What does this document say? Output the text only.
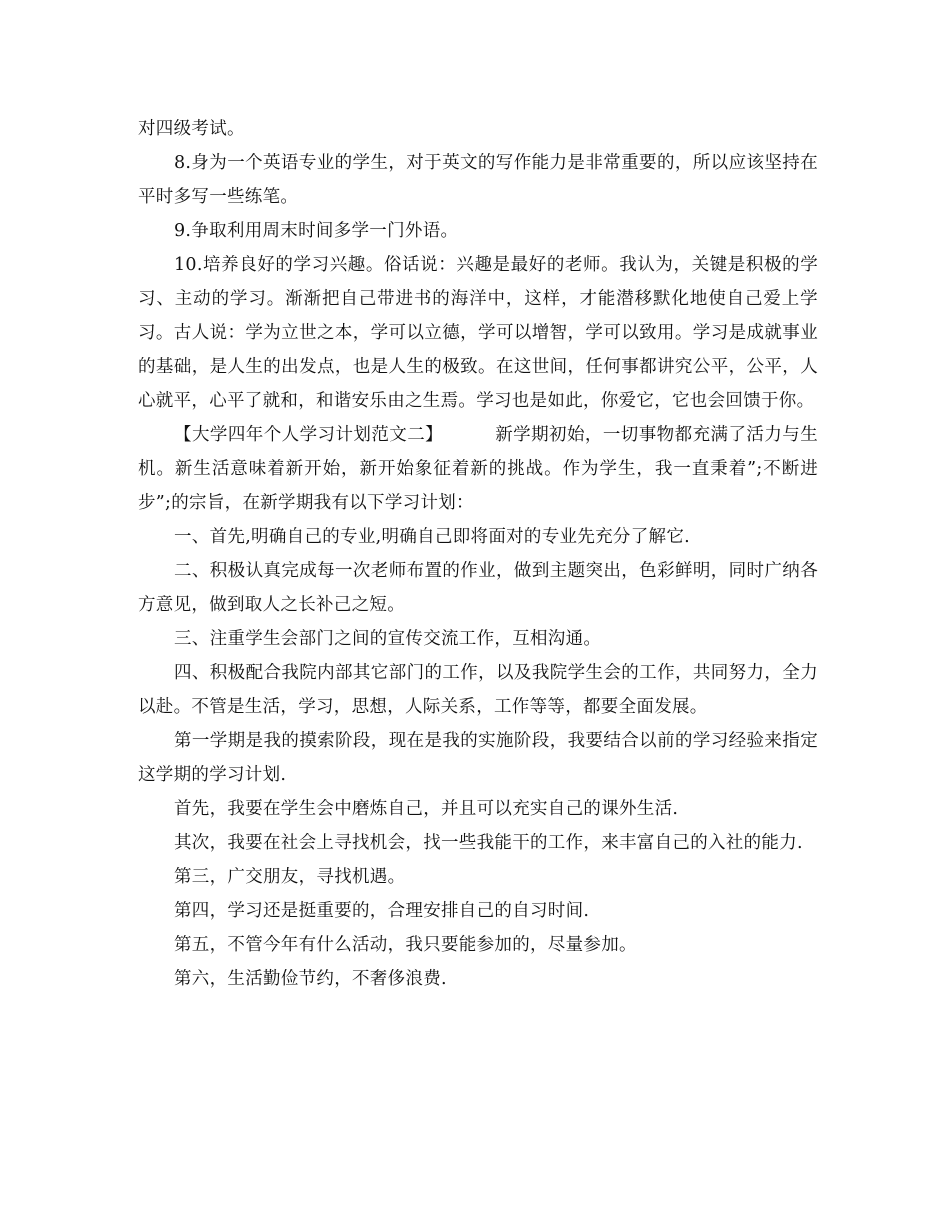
对四级考试。

8.身为一个英语专业的学生，对于英文的写作能力是非常重要的，所以应该坚持在平时多写一些练笔。

9.争取利用周末时间多学一门外语。

10.培养良好的学习兴趣。俗话说：兴趣是最好的老师。我认为，关键是积极的学习、主动的学习。渐渐把自己带进书的海洋中，这样，才能潜移默化地使自己爱上学习。古人说：学为立世之本，学可以立德，学可以增智，学可以致用。学习是成就事业的基础，是人生的出发点，也是人生的极致。在这世间，任何事都讲究公平，公平，人心就平，心平了就和，和谐安乐由之生焉。学习也是如此，你爱它，它也会回馈于你。

【大学四年个人学习计划范文二】	新学期初始，一切事物都充满了活力与生机。新生活意味着新开始，新开始象征着新的挑战。作为学生，我一直秉着”;不断进步”;的宗旨，在新学期我有以下学习计划：

一、首先,明确自己的专业,明确自己即将面对的专业先充分了解它.

二、积极认真完成每一次老师布置的作业，做到主题突出，色彩鲜明，同时广纳各方意见，做到取人之长补己之短。

三、注重学生会部门之间的宣传交流工作，互相沟通。

四、积极配合我院内部其它部门的工作，以及我院学生会的工作，共同努力，全力以赴。不管是生活，学习，思想，人际关系，工作等等，都要全面发展。

第一学期是我的摸索阶段，现在是我的实施阶段，我要结合以前的学习经验来指定这学期的学习计划.

首先，我要在学生会中磨炼自己，并且可以充实自己的课外生活.

其次，我要在社会上寻找机会，找一些我能干的工作，来丰富自己的入社的能力.

第三，广交朋友，寻找机遇。

第四，学习还是挺重要的，合理安排自己的自习时间.

第五，不管今年有什么活动，我只要能参加的，尽量参加。

第六，生活勤俭节约，不奢侈浪费.
